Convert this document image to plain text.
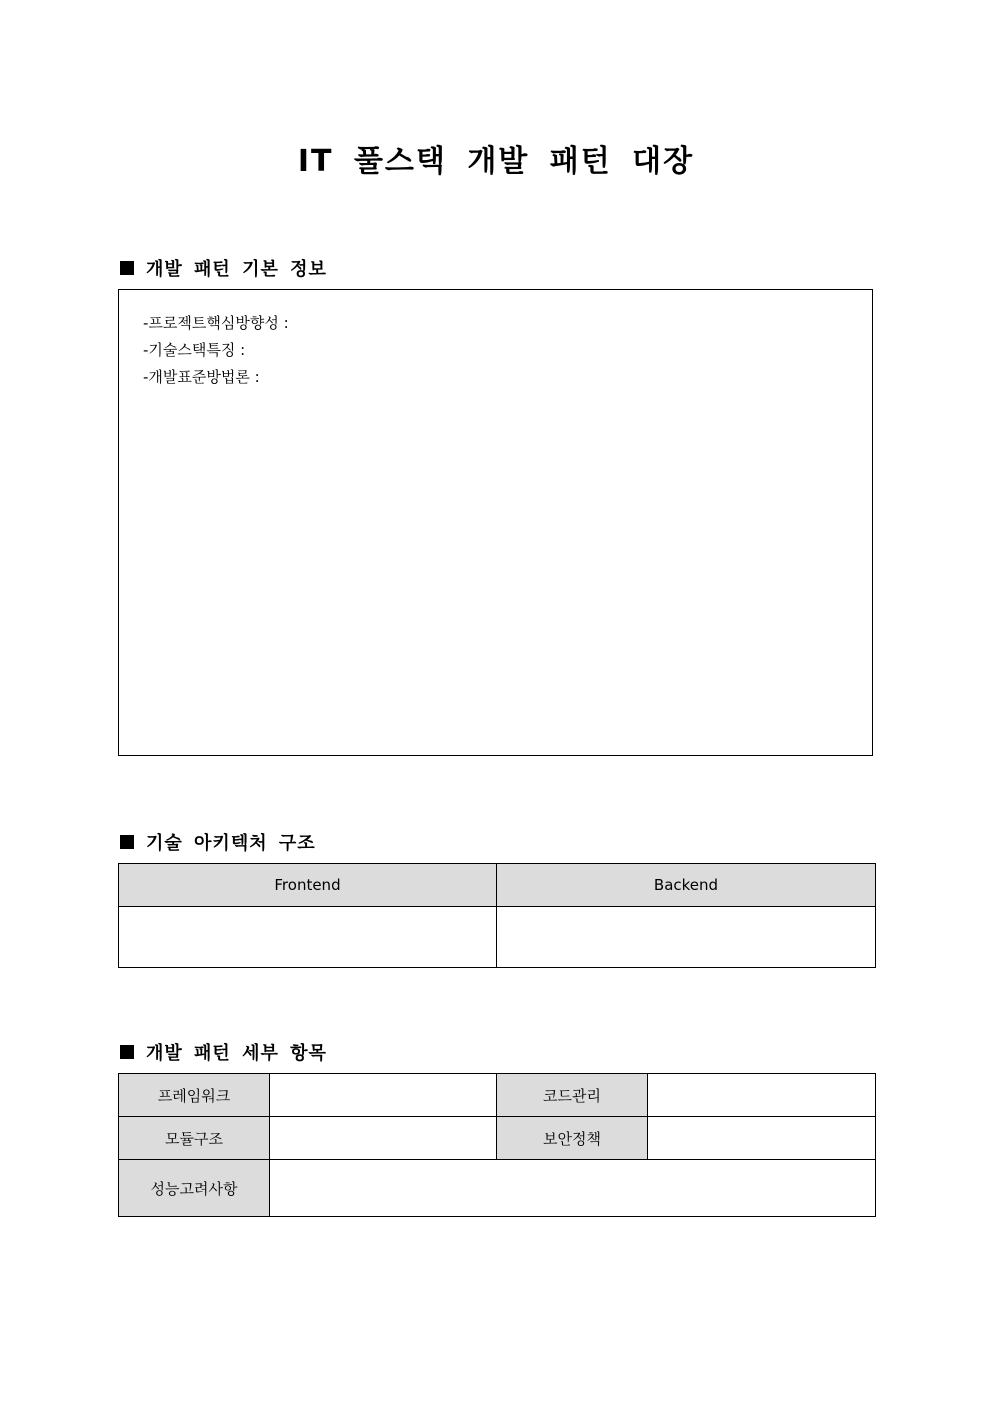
IT 풀스택 개발 패턴 대장
개발 패턴 기본 정보
-프로젝트핵심방향성 :
-기술스택특징 :
-개발표준방법론 :
기술 아키텍처 구조
Frontend	Backend

개발 패턴 세부 항목
프레임워크		코드관리	
모듈구조		보안정책	
성능고려사항			
